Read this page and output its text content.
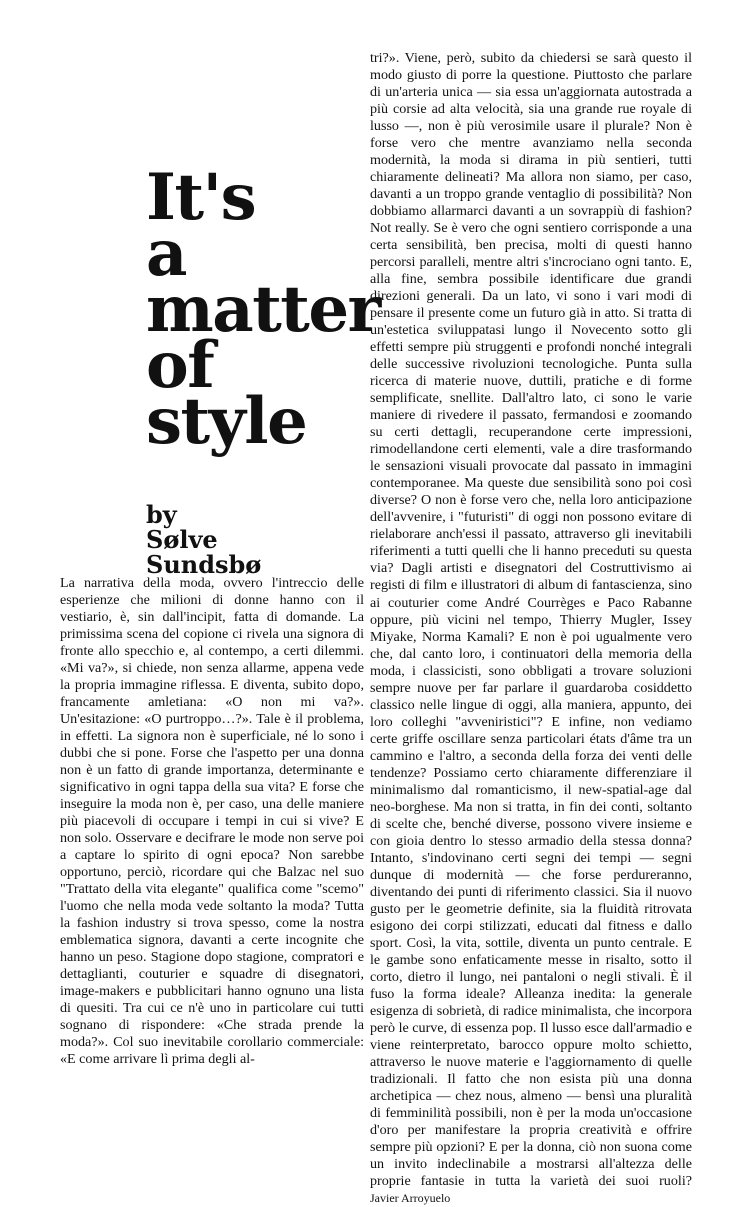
It's
a
matter
of
style
by
Sølve
Sundsbø

La narrativa della moda, ovvero l'intreccio delle esperienze che milioni di donne hanno con il vestiario, è, sin dall'incipit, fatta di domande. La primissima scena del copione ci rivela una signora di fronte allo specchio e, al contempo, a certi dilemmi. «Mi va?», si chiede, non senza allarme, appena vede la propria immagine riflessa. E diventa, subito dopo, francamente amletiana: «O non mi va?». Un'esitazione: «O purtroppo…?». Tale è il problema, in effetti. La signora non è superficiale, né lo sono i dubbi che si pone. Forse che l'aspetto per una donna non è un fatto di grande importanza, determinante e significativo in ogni tappa della sua vita? E forse che inseguire la moda non è, per caso, una delle maniere più piacevoli di occupare i tempi in cui si vive? E non solo. Osservare e decifrare le mode non serve poi a captare lo spirito di ogni epoca? Non sarebbe opportuno, perciò, ricordare qui che Balzac nel suo "Trattato della vita elegante" qualifica come "scemo" l'uomo che nella moda vede soltanto la moda? Tutta la fashion industry si trova spesso, come la nostra emblematica signora, davanti a certe incognite che hanno un peso. Stagione dopo stagione, compratori e dettaglianti, couturier e squadre di disegnatori, image-makers e pubblicitari hanno ognuno una lista di quesiti. Tra cui ce n'è uno in particolare cui tutti sognano di rispondere: «Che strada prende la moda?». Col suo inevitabile corollario commerciale: «E come arrivare lì prima degli al-

tri?». Viene, però, subito da chiedersi se sarà questo il modo giusto di porre la questione. Piuttosto che parlare di un'arteria unica — sia essa un'aggiornata autostrada a più corsie ad alta velocità, sia una grande rue royale di lusso —, non è più verosimile usare il plurale? Non è forse vero che mentre avanziamo nella seconda modernità, la moda si dirama in più sentieri, tutti chiaramente delineati? Ma allora non siamo, per caso, davanti a un troppo grande ventaglio di possibilità? Non dobbiamo allarmarci davanti a un sovrappiù di fashion? Not really. Se è vero che ogni sentiero corrisponde a una certa sensibilità, ben precisa, molti di questi hanno percorsi paralleli, mentre altri s'incrociano ogni tanto. E, alla fine, sembra possibile identificare due grandi direzioni generali. Da un lato, vi sono i vari modi di pensare il presente come un futuro già in atto. Si tratta di un'estetica sviluppatasi lungo il Novecento sotto gli effetti sempre più struggenti e profondi nonché integrali delle successive rivoluzioni tecnologiche. Punta sulla ricerca di materie nuove, duttili, pratiche e di forme semplificate, snellite. Dall'altro lato, ci sono le varie maniere di rivedere il passato, fermandosi e zoomando su certi dettagli, recuperandone certe impressioni, rimodellandone certi elementi, vale a dire trasformando le sensazioni visuali provocate dal passato in immagini contemporanee. Ma queste due sensibilità sono poi così diverse? O non è forse vero che, nella loro anticipazione dell'avvenire, i "futuristi" di oggi non possono evitare di rielaborare anch'essi il passato, attraverso gli inevitabili riferimenti a tutti quelli che li hanno preceduti su questa via? Dagli artisti e disegnatori del Costruttivismo ai registi di film e illustratori di album di fantascienza, sino ai couturier come André Courrèges e Paco Rabanne oppure, più vicini nel tempo, Thierry Mugler, Issey Miyake, Norma Kamali? E non è poi ugualmente vero che, dal canto loro, i continuatori della memoria della moda, i classicisti, sono obbligati a trovare soluzioni sempre nuove per far parlare il guardaroba cosiddetto classico nelle lingue di oggi, alla maniera, appunto, dei loro colleghi "avveniristici"? E infine, non vediamo certe griffe oscillare senza particolari états d'âme tra un cammino e l'altro, a seconda della forza dei venti delle tendenze? Possiamo certo chiaramente differenziare il minimalismo dal romanticismo, il new-spatial-age dal neo-borghese. Ma non si tratta, in fin dei conti, soltanto di scelte che, benché diverse, possono vivere insieme e con gioia dentro lo stesso armadio della stessa donna? Intanto, s'indovinano certi segni dei tempi — segni dunque di modernità — che forse perdureranno, diventando dei punti di riferimento classici. Sia il nuovo gusto per le geometrie definite, sia la fluidità ritrovata esigono dei corpi stilizzati, educati dal fitness e dallo sport. Così, la vita, sottile, diventa un punto centrale. E le gambe sono enfaticamente messe in risalto, sotto il corto, dietro il lungo, nei pantaloni o negli stivali. È il fuso la forma ideale? Alleanza inedita: la generale esigenza di sobrietà, di radice minimalista, che incorpora però le curve, di essenza pop. Il lusso esce dall'armadio e viene reinterpretato, barocco oppure molto schietto, attraverso le nuove materie e l'aggiornamento di quelle tradizionali. Il fatto che non esista più una donna archetipica — chez nous, almeno — bensì una pluralità di femminilità possibili, non è per la moda un'occasione d'oro per manifestare la propria creatività e offrire sempre più opzioni? E per la donna, ciò non suona come un invito indeclinabile a mostrarsi all'altezza delle proprie fantasie in tutta la varietà dei suoi ruoli? Javier Arroyuelo
